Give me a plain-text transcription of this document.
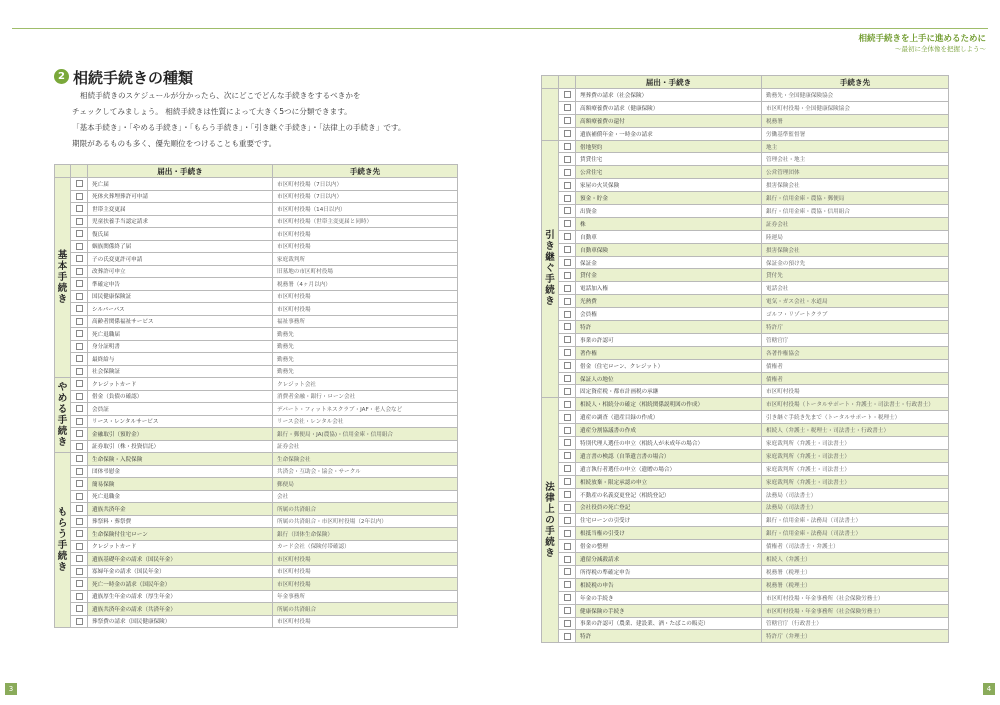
相続手続きを上手に進めるために
〜最初に全体像を把握しよう〜
2 相続手続きの種類

相続手続きのスケジュールが分かったら、次にどこでどんな手続きをするべきかを

チェックしてみましょう。 相続手続きは性質によって大きく5つに分類できます。

「基本手続き」・「やめる手続き」・「もらう手続き」・「引き継ぐ手続き」・「法律上の手続き」です。

期限があるものも多く、優先順位をつけることも重要です。

		届出・手続き	手続き先
基本手続き		死亡届	市区町村役場（7日以内）
		死体火葬埋葬許可申請	市区町村役場（7日以内）
		世帯主変更届	市区町村役場（14日以内）
		児童扶養手当認定請求	市区町村役場（世帯主変更届と同時）
		復氏届	市区町村役場
		姻族関係終了届	市区町村役場
		子の氏変更許可申請	家庭裁判所
		改葬許可申立	旧墓地の市区町村役場
		準確定申告	税務署（4ヶ月以内）
		国民健康保険証	市区町村役場
		シルバーパス	市区町村役場
		高齢者関係福祉サービス	福祉事務所
		死亡退職届	勤務先
		身分証明書	勤務先
		最終給与	勤務先
		社会保険証	勤務先
やめる手続き		クレジットカード	クレジット会社
		借金（負債の確認）	消費者金融・銀行・ローン会社
		会員証	デパート・フィットネスクラブ・JAF・老人会など
		リース・レンタルサービス	リース会社・レンタル会社
		金融取引（預貯金）	銀行・郵便局・JA(農協)・信用金庫・信用組合
		証券取引（株・投資信託）	証券会社
もらう手続き		生命保険・入院保険	生命保険会社
		団体弔慰金	共済会・互助会・協会・サークル
		簡易保険	郵便局
		死亡退職金	会社
		遺族共済年金	所属の共済組合
		葬祭料・葬祭費	所属の共済組合・市区町村役場（2年以内）
		生命保険付住宅ローン	銀行（団体生命保険）
		クレジットカード	カード会社（保険付帯確認）
		遺族基礎年金の請求（国民年金）	市区町村役場
		寡婦年金の請求（国民年金）	市区町村役場
		死亡一時金の請求（国民年金）	市区町村役場
		遺族厚生年金の請求（厚生年金）	年金事務所
		遺族共済年金の請求（共済年金）	所属の共済組合
		葬祭費の請求（国民健康保険）	市区町村役場
		届出・手続き	手続き先
		埋葬費の請求（社会保険）	勤務先・全国健康保険協会
		高額療養費の請求（健康保険）	市区町村役場・全国健康保険協会
		高額療養費の還付	税務署
		遺族補償年金・一時金の請求	労働基準監督署
引き継ぐ手続き		借地契約	地主
		賃貸住宅	管理会社・地主
		公営住宅	公営管理団体
		家屋の火災保険	損害保険会社
		預金・貯金	銀行・信用金庫・農協・郵便局
		出資金	銀行・信用金庫・農協・信用組合
		株	証券会社
		自動車	陸運局
		自動車保険	損害保険会社
		保証金	保証金の預け先
		貸付金	貸付先
		電話加入権	電話会社
		光熱費	電気・ガス会社・水道局
		会員権	ゴルフ・リゾートクラブ
		特許	特許庁
		事業の許認可	管轄官庁
		著作権	各著作権協会
		借金（住宅ローン、クレジット）	債権者
		保証人の地位	債権者
		固定資産税・都市計画税の承継	市区町村役場
法律上の手続き		相続人・相続分の確定（相続関係説明図の作成）	市区町村役場（トータルサポート・弁護士・司法書士・行政書士）
		遺産の調査（遺産目録の作成）	引き継ぐ手続き先まで（トータルサポート・税理士）
		遺産分割協議書の作成	相続人（弁護士・税理士・司法書士・行政書士）
		特別代理人選任の申立（相続人が未成年の場合）	家庭裁判所（弁護士・司法書士）
		遺言書の検認（自筆遺言書の場合）	家庭裁判所（弁護士・司法書士）
		遺言執行者選任の申立（遺贈の場合）	家庭裁判所（弁護士・司法書士）
		相続放棄・限定承認の申立	家庭裁判所（弁護士・司法書士）
		不動産の名義変更登記（相続登記）	法務局（司法書士）
		会社役員の死亡登記	法務局（司法書士）
		住宅ローンの引受け	銀行・信用金庫・法務局（司法書士）
		根抵当権の引受け	銀行・信用金庫・法務局（司法書士）
		借金の整理	債権者（司法書士・弁護士）
		遺留分減殺請求	相続人（弁護士）
		所得税の準確定申告	税務署（税理士）
		相続税の申告	税務署（税理士）
		年金の手続き	市区町村役場・年金事務所（社会保険労務士）
		健康保険の手続き	市区町村役場・年金事務所（社会保険労務士）
		事業の許認可（農業、建設業、酒・たばこの販売）	管轄官庁（行政書士）
		特許	特許庁（弁理士）
3	4
